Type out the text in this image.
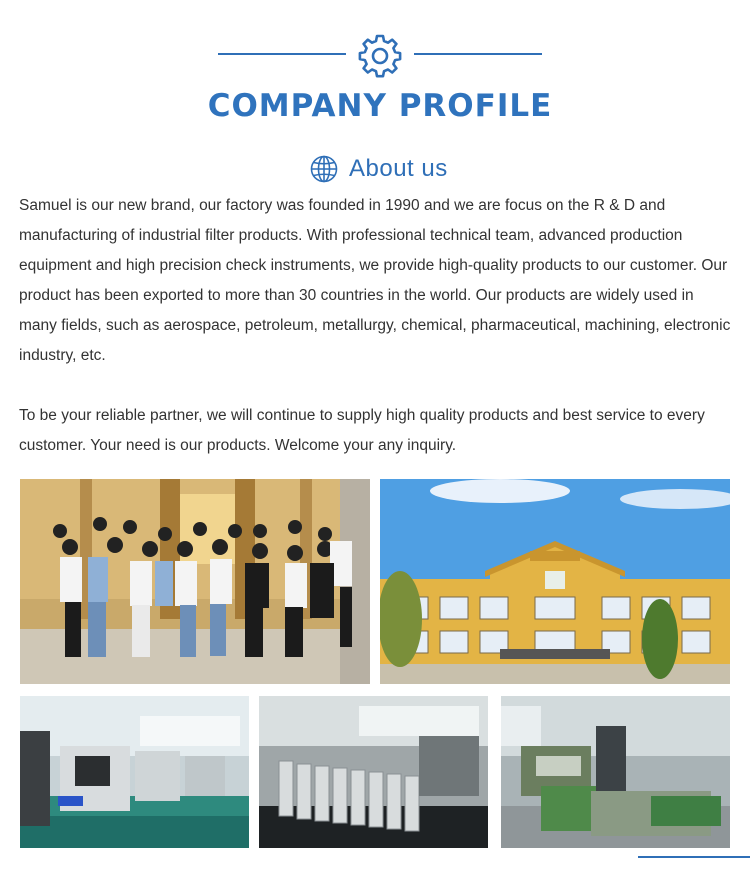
COMPANY PROFILE
About us

Samuel is our new brand, our factory was founded in 1990 and we are focus on the R & D and manufacturing of industrial filter products. With professional technical team, advanced production equipment and high precision check instruments, we provide high-quality products to our customer. Our product has been exported to more than 30 countries in the world. Our products are widely used in many fields, such as aerospace, petroleum, metallurgy, chemical, pharmaceutical, machining, electronic industry, etc.

To be your reliable partner, we will continue to supply high quality products and best service to every customer. Your need is our products. Welcome your any inquiry.
